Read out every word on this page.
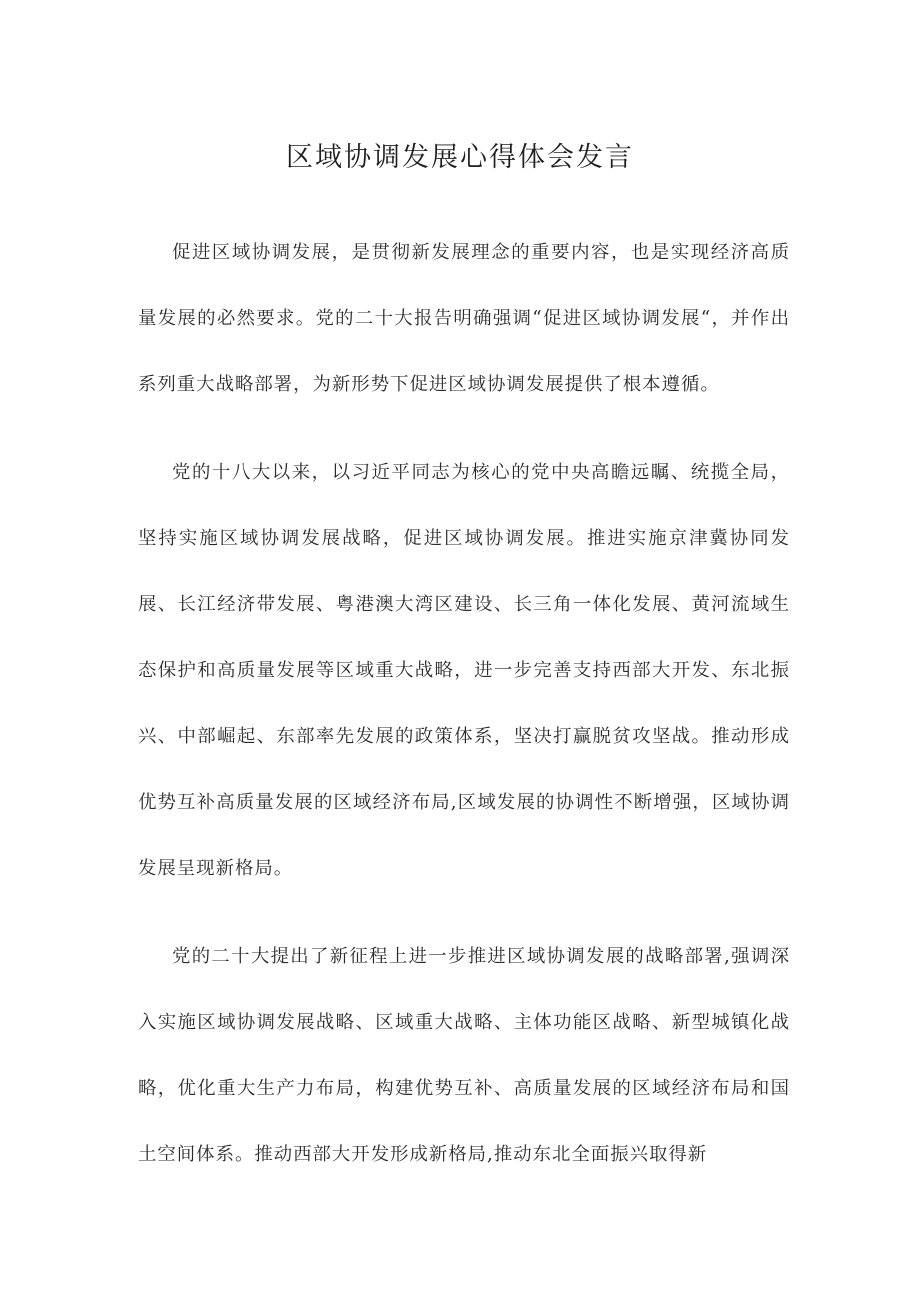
区域协调发展心得体会发言

促进区域协调发展，是贯彻新发展理念的重要内容，也是实现经济高质量发展的必然要求。党的二十大报告明确强调“促进区域协调发展“，并作出系列重大战略部署，为新形势下促进区域协调发展提供了根本遵循。

党的十八大以来，以习近平同志为核心的党中央高瞻远瞩、统揽全局，坚持实施区域协调发展战略，促进区域协调发展。推进实施京津冀协同发展、长江经济带发展、粤港澳大湾区建设、长三角一体化发展、黄河流域生态保护和高质量发展等区域重大战略，进一步完善支持西部大开发、东北振兴、中部崛起、东部率先发展的政策体系，坚决打赢脱贫攻坚战。推动形成优势互补高质量发展的区域经济布局,区域发展的协调性不断增强，区域协调发展呈现新格局。

党的二十大提出了新征程上进一步推进区域协调发展的战略部署,强调深入实施区域协调发展战略、区域重大战略、主体功能区战略、新型城镇化战略，优化重大生产力布局，构建优势互补、高质量发展的区域经济布局和国土空间体系。推动西部大开发形成新格局,推动东北全面振兴取得新
